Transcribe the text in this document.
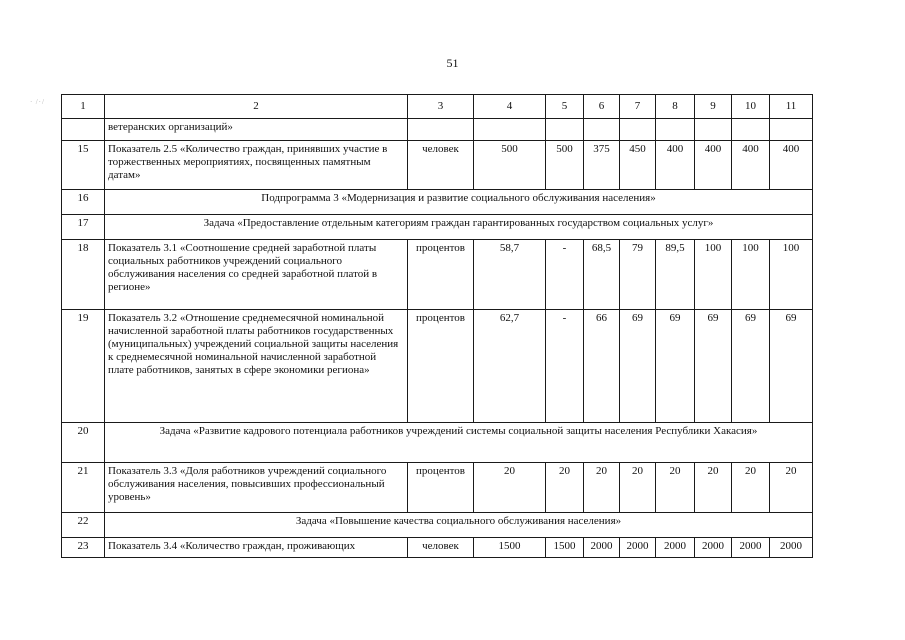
51
· /·/	1	2	3	4	5	6	7	8	9	10	11
	ветеранских организаций»									
15	Показатель 2.5 «Количество граждан, принявших участие в торжественных мероприятиях, посвященных памятным датам»	человек	500	500	375	450	400	400	400	400
16	Подпрограмма 3 «Модернизация и развитие социального обслуживания населения»									
17	Задача «Предоставление отдельным категориям граждан гарантированных государством социальных услуг»									
18	Показатель 3.1 «Соотношение средней заработной платы социальных работников учреждений социального обслуживания населения со средней заработной платой в регионе»	процентов	58,7	-	68,5	79	89,5	100	100	100
19	Показатель 3.2 «Отношение среднемесячной номинальной начисленной заработной платы работников государственных (муниципальных) учреждений социальной защиты населения к среднемесячной номинальной начисленной заработной плате работников, занятых в сфере экономики региона»	процентов	62,7	-	66	69	69	69	69	69
20	Задача «Развитие кадрового потенциала работников учреждений системы социальной защиты населения Республики Хакасия»									
21	Показатель 3.3 «Доля работников учреждений социального обслуживания населения, повысивших профессиональный уровень»	процентов	20	20	20	20	20	20	20	20
22	Задача «Повышение качества социального обслуживания населения»									
23	Показатель 3.4 «Количество граждан, проживающих	человек	1500	1500	2000	2000	2000	2000	2000	2000
